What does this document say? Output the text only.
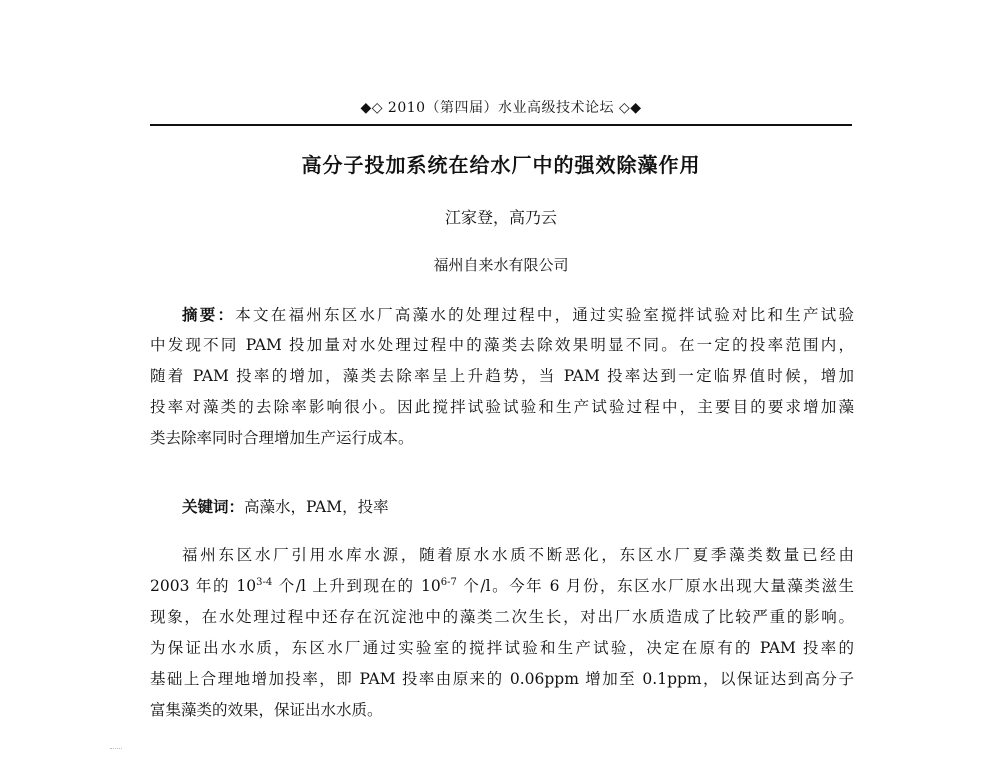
◆◇ 2010（第四届）水业高级技术论坛 ◇◆
高分子投加系统在给水厂中的强效除藻作用
江家登，高乃云
福州自来水有限公司
摘要：本文在福州东区水厂高藻水的处理过程中，通过实验室搅拌试验对比和生产试验
中发现不同 PAM 投加量对水处理过程中的藻类去除效果明显不同。在一定的投率范围内，
随着 PAM 投率的增加，藻类去除率呈上升趋势，当 PAM 投率达到一定临界值时候，增加
投率对藻类的去除率影响很小。因此搅拌试验试验和生产试验过程中，主要目的要求增加藻
类去除率同时合理增加生产运行成本。
关键词：高藻水，PAM，投率
福州东区水厂引用水库水源，随着原水水质不断恶化，东区水厂夏季藻类数量已经由
2003 年的 10$^{3-4}$ 个/l 上升到现在的 10$^{6-7}$ 个/l。今年 6 月份，东区水厂原水出现大量藻类滋生
现象，在水处理过程中还存在沉淀池中的藻类二次生长，对出厂水质造成了比较严重的影响。
为保证出水水质，东区水厂通过实验室的搅拌试验和生产试验，决定在原有的 PAM 投率的
基础上合理地增加投率，即 PAM 投率由原来的 0.06ppm 增加至 0.1ppm，以保证达到高分子
富集藻类的效果，保证出水水质。
